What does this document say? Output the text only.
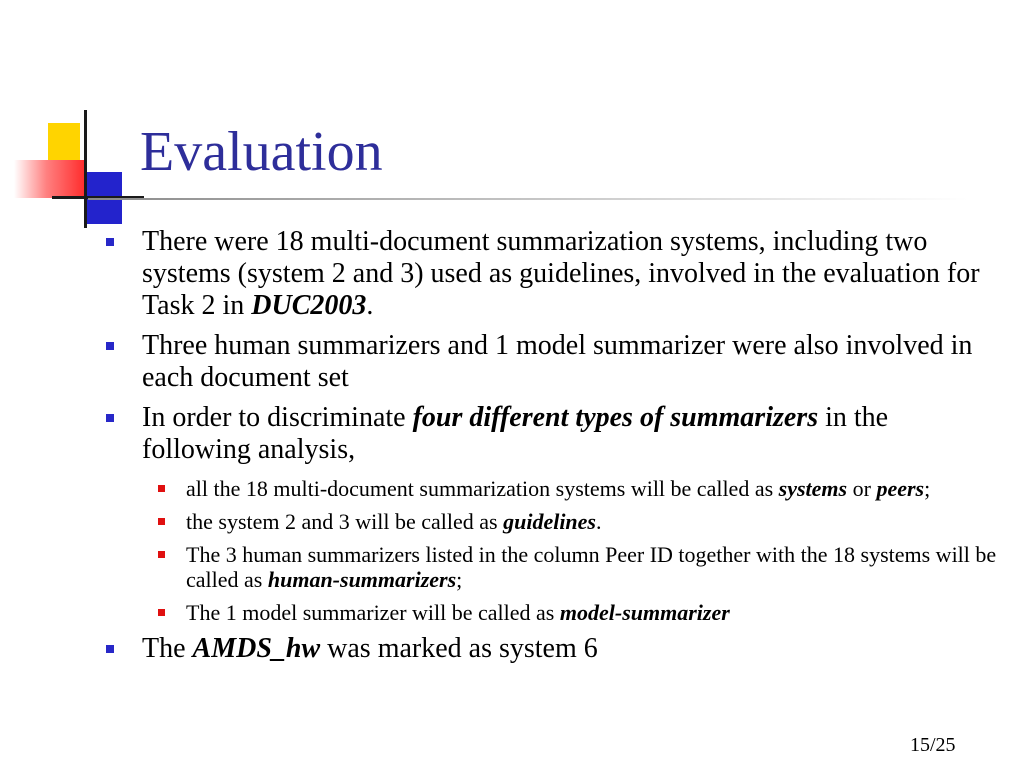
Evaluation
There were 18 multi-document summarization systems, including two systems (system 2 and 3) used as guidelines, involved in the evaluation for Task 2 in DUC2003.
Three human summarizers and 1 model summarizer were also involved in each document set
In order to discriminate four different types of summarizers in the following analysis,
all the 18 multi-document summarization systems will be called as systems or peers;
the system 2 and 3 will be called as guidelines.
The 3 human summarizers listed in the column Peer ID together with the 18 systems will be called as human-summarizers;
The 1 model summarizer will be called as model-summarizer
The AMDS_hw was marked as system 6
15/25
